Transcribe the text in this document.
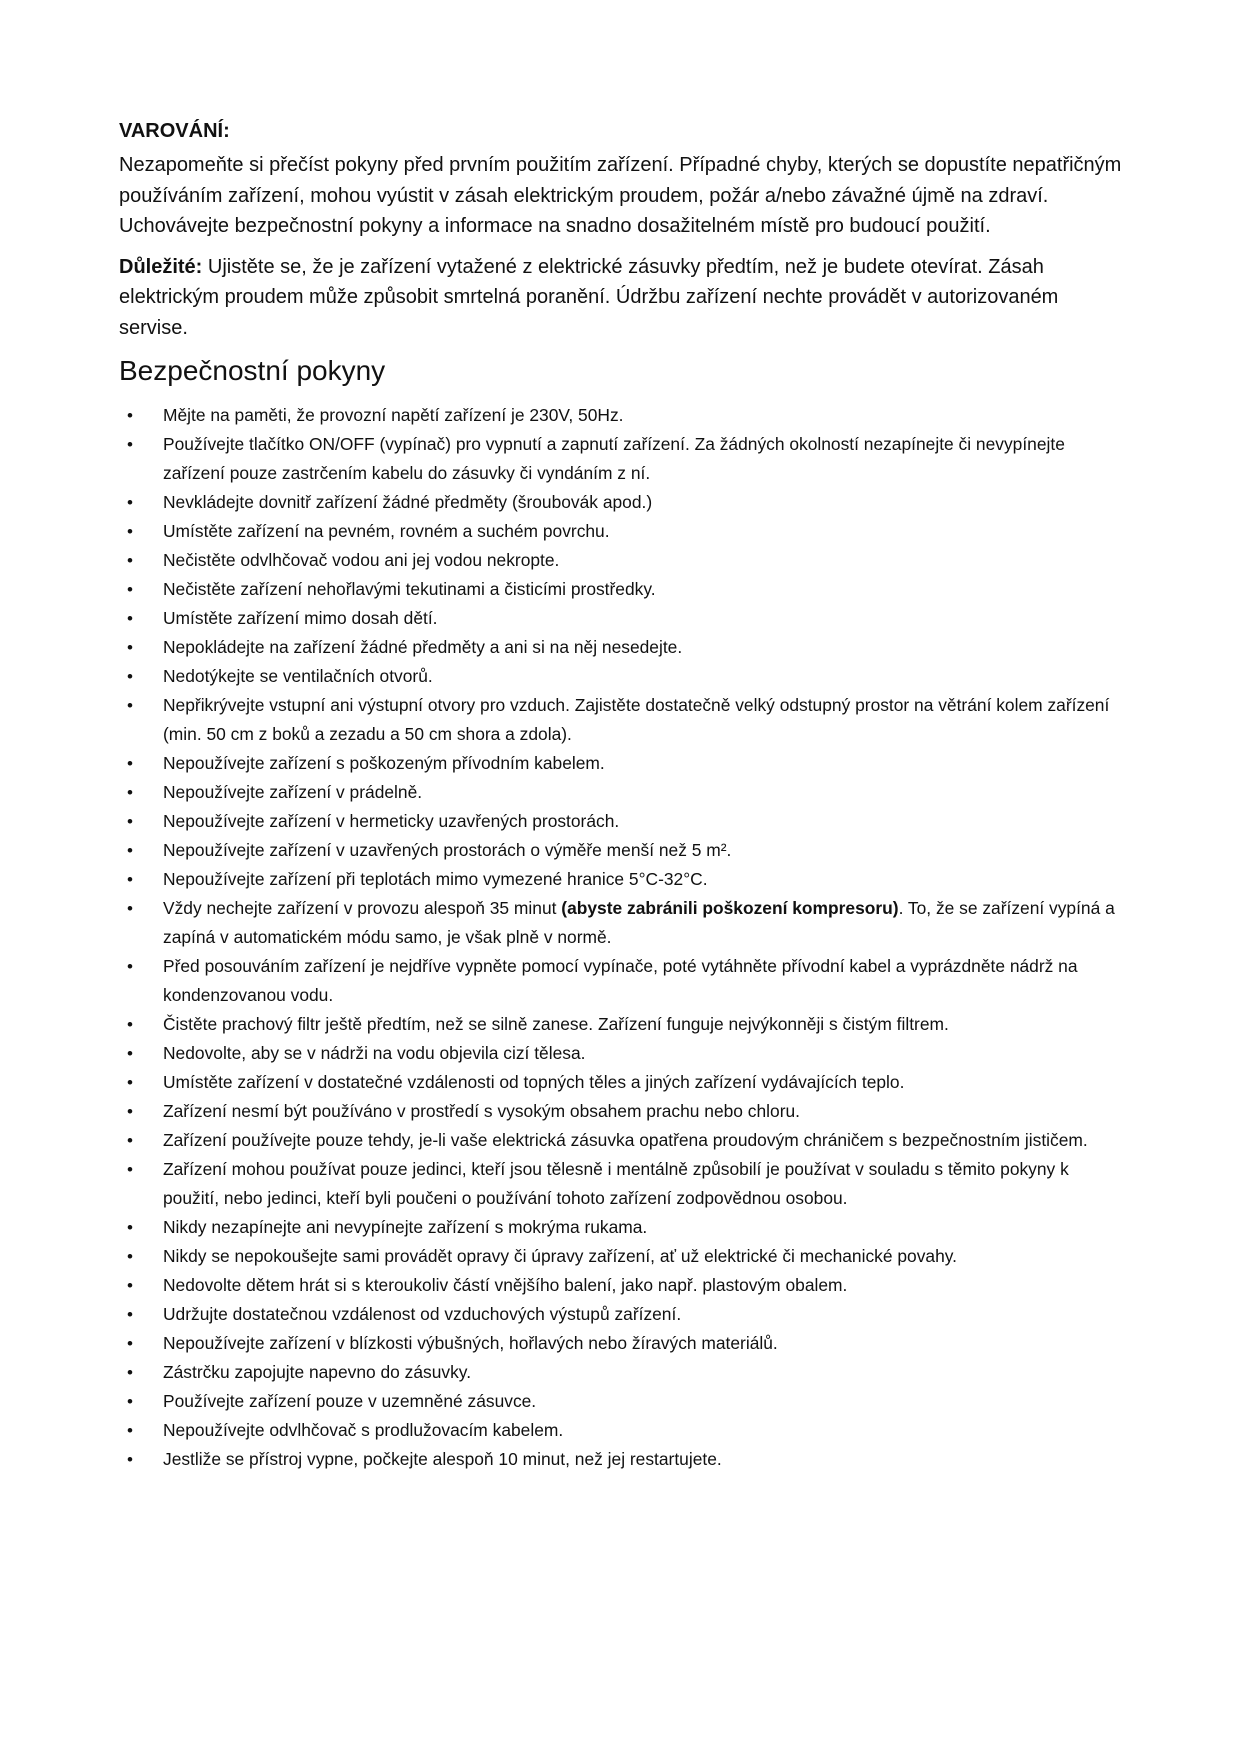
VAROVÁNÍ:

Nezapomeňte si přečíst pokyny před prvním použitím zařízení. Případné chyby, kterých se dopustíte nepatřičným používáním zařízení, mohou vyústit v zásah elektrickým proudem, požár a/nebo závažné újmě na zdraví. Uchovávejte bezpečnostní pokyny a informace na snadno dosažitelném místě pro budoucí použití.

Důležité: Ujistěte se, že je zařízení vytažené z elektrické zásuvky předtím, než je budete otevírat. Zásah elektrickým proudem může způsobit smrtelná poranění. Údržbu zařízení nechte provádět v autorizovaném servise.

Bezpečnostní pokyny
• Mějte na paměti, že provozní napětí zařízení je 230V, 50Hz.
• Používejte tlačítko ON/OFF (vypínač) pro vypnutí a zapnutí zařízení. Za žádných okolností nezapínejte či nevypínejte zařízení pouze zastrčením kabelu do zásuvky či vyndáním z ní.
• Nevkládejte dovnitř zařízení žádné předměty (šroubovák apod.)
• Umístěte zařízení na pevném, rovném a suchém povrchu.
• Nečistěte odvlhčovač vodou ani jej vodou nekropte.
• Nečistěte zařízení nehořlavými tekutinami a čisticími prostředky.
• Umístěte zařízení mimo dosah dětí.
• Nepokládejte na zařízení žádné předměty a ani si na něj nesedejte.
• Nedotýkejte se ventilačních otvorů.
• Nepřikrývejte vstupní ani výstupní otvory pro vzduch. Zajistěte dostatečně velký odstupný prostor na větrání kolem zařízení (min. 50 cm z boků a zezadu a 50 cm shora a zdola).
• Nepoužívejte zařízení s poškozeným přívodním kabelem.
• Nepoužívejte zařízení v prádelně.
• Nepoužívejte zařízení v hermeticky uzavřených prostorách.
• Nepoužívejte zařízení v uzavřených prostorách o výměře menší než 5 m².
• Nepoužívejte zařízení při teplotách mimo vymezené hranice 5°C-32°C.
• Vždy nechejte zařízení v provozu alespoň 35 minut (abyste zabránili poškození kompresoru). To, že se zařízení vypíná a zapíná v automatickém módu samo, je však plně v normě.
• Před posouváním zařízení je nejdříve vypněte pomocí vypínače, poté vytáhněte přívodní kabel a vyprázdněte nádrž na kondenzovanou vodu.
• Čistěte prachový filtr ještě předtím, než se silně zanese. Zařízení funguje nejvýkonněji s čistým filtrem.
• Nedovolte, aby se v nádrži na vodu objevila cizí tělesa.
• Umístěte zařízení v dostatečné vzdálenosti od topných těles a jiných zařízení vydávajících teplo.
• Zařízení nesmí být používáno v prostředí s vysokým obsahem prachu nebo chloru.
• Zařízení používejte pouze tehdy, je-li vaše elektrická zásuvka opatřena proudovým chráničem s bezpečnostním jističem.
• Zařízení mohou používat pouze jedinci, kteří jsou tělesně i mentálně způsobilí je používat v souladu s těmito pokyny k použití, nebo jedinci, kteří byli poučeni o používání tohoto zařízení zodpovědnou osobou.
• Nikdy nezapínejte ani nevypínejte zařízení s mokrýma rukama.
• Nikdy se nepokoušejte sami provádět opravy či úpravy zařízení, ať už elektrické či mechanické povahy.
• Nedovolte dětem hrát si s kteroukoliv částí vnějšího balení, jako např. plastovým obalem.
• Udržujte dostatečnou vzdálenost od vzduchových výstupů zařízení.
• Nepoužívejte zařízení v blízkosti výbušných, hořlavých nebo žíravých materiálů.
• Zástrčku zapojujte napevno do zásuvky.
• Používejte zařízení pouze v uzemněné zásuvce.
• Nepoužívejte odvlhčovač s prodlužovacím kabelem.
• Jestliže se přístroj vypne, počkejte alespoň 10 minut, než jej restartujete.
